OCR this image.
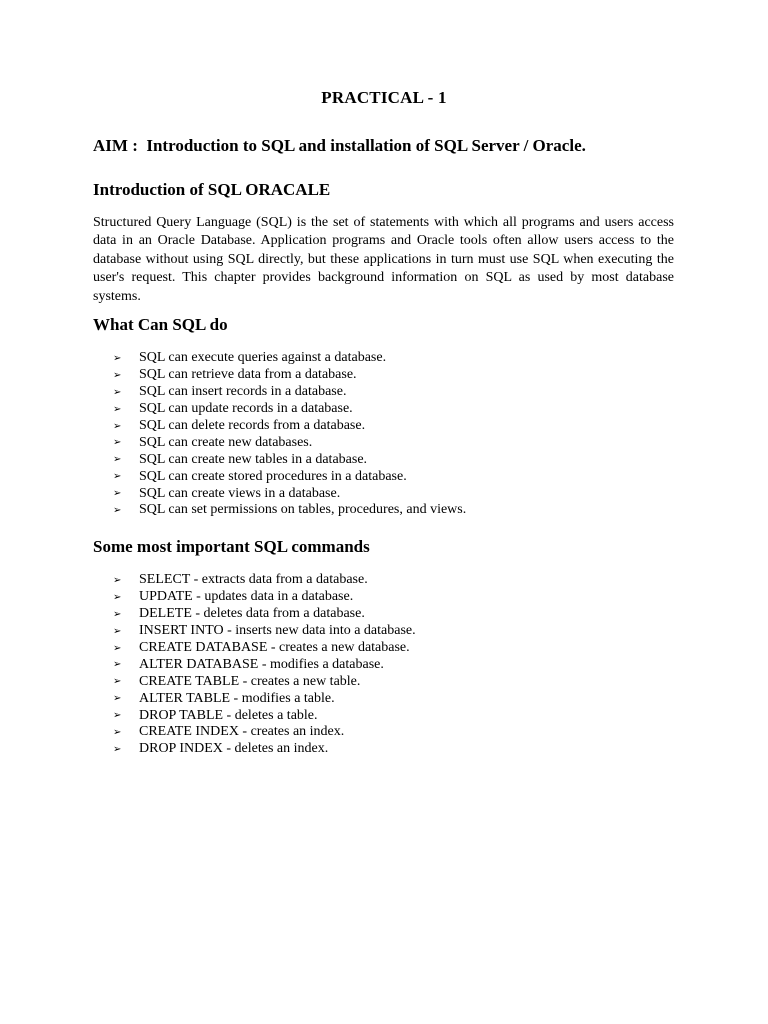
PRACTICAL - 1
AIM :  Introduction to SQL and installation of SQL Server / Oracle.
Introduction of SQL ORACALE
Structured Query Language (SQL) is the set of statements with which all programs and users access data in an Oracle Database. Application programs and Oracle tools often allow users access to the database without using SQL directly, but these applications in turn must use SQL when executing the user's request. This chapter provides background information on SQL as used by most database systems.
What Can SQL do
➢	SQL can execute queries against a database.
➢	SQL can retrieve data from a database.
➢	SQL can insert records in a database.
➢	SQL can update records in a database.
➢	SQL can delete records from a database.
➢	SQL can create new databases.
➢	SQL can create new tables in a database.
➢	SQL can create stored procedures in a database.
➢	SQL can create views in a database.
➢	SQL can set permissions on tables, procedures, and views.
Some most important SQL commands
➢	SELECT - extracts data from a database.
➢	UPDATE - updates data in a database.
➢	DELETE - deletes data from a database.
➢	INSERT INTO - inserts new data into a database.
➢	CREATE DATABASE - creates a new database.
➢	ALTER DATABASE - modifies a database.
➢	CREATE TABLE - creates a new table.
➢	ALTER TABLE - modifies a table.
➢	DROP TABLE - deletes a table.
➢	CREATE INDEX - creates an index.
➢	DROP INDEX - deletes an index.
